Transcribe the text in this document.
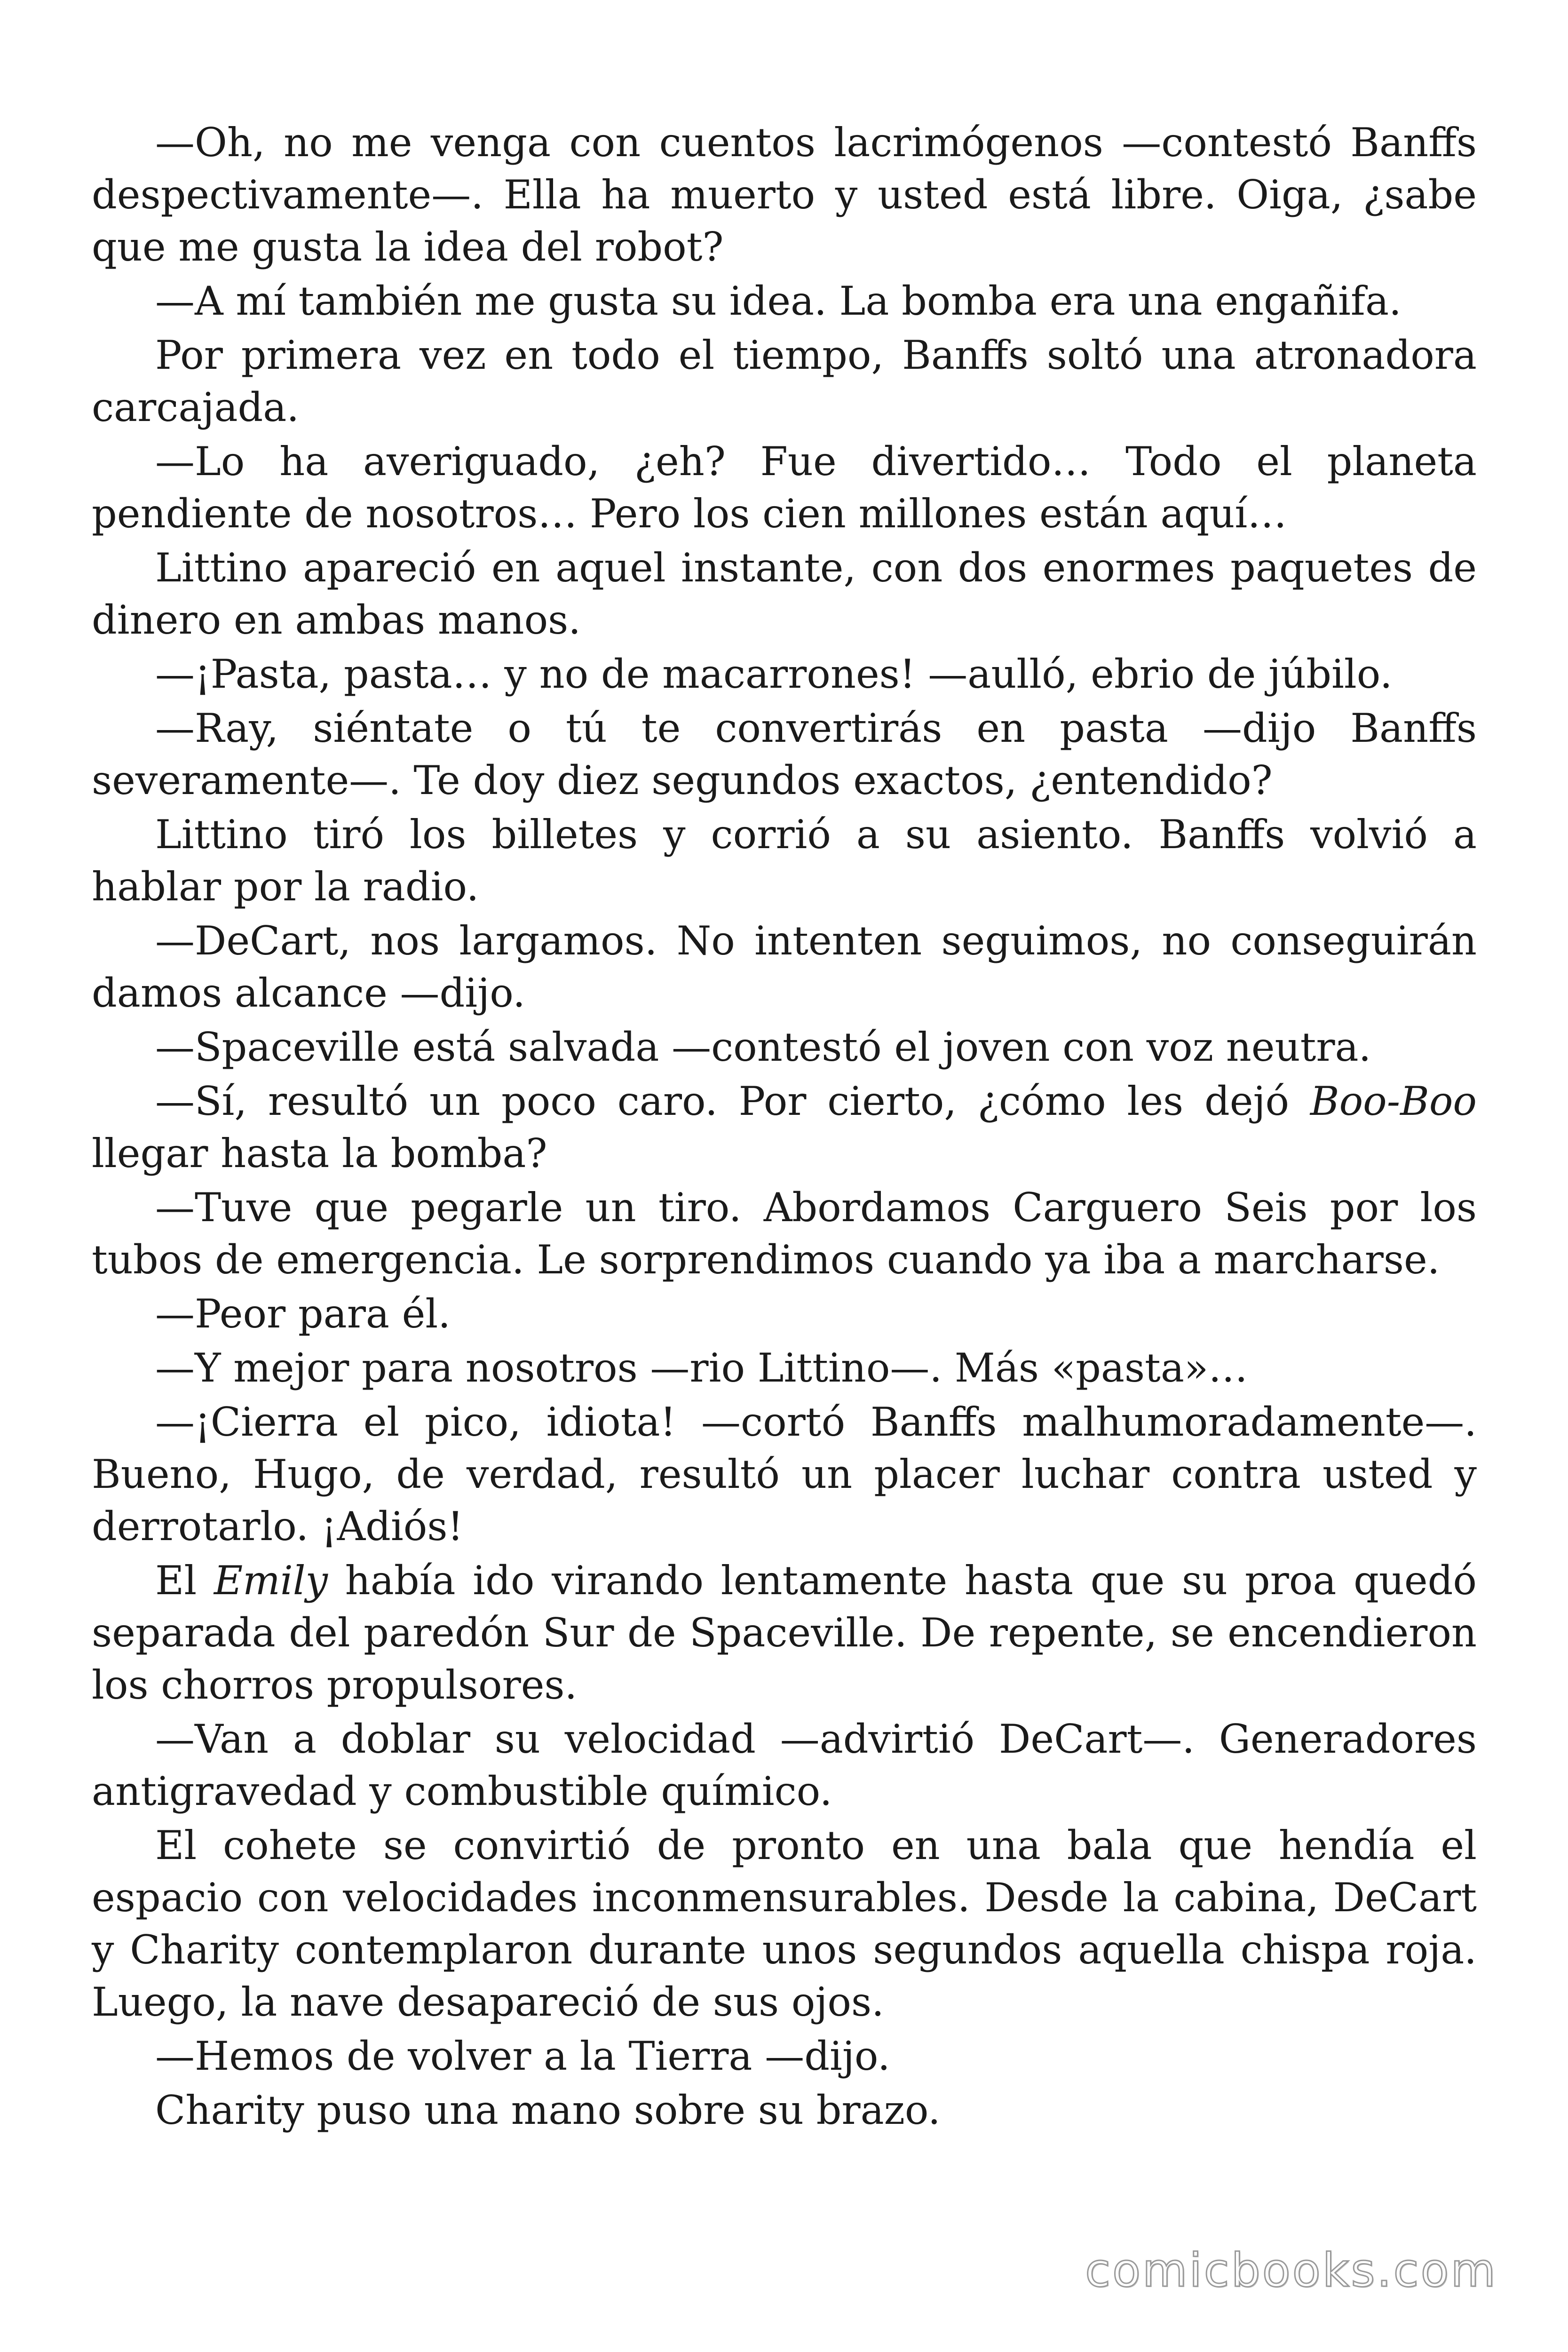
—Oh, no me venga con cuentos lacrimógenos —contestó Banffs despectivamente—. Ella ha muerto y usted está libre. Oiga, ¿sabe que me gusta la idea del robot?

—A mí también me gusta su idea. La bomba era una engañifa.

Por primera vez en todo el tiempo, Banffs soltó una atronadora carcajada.

—Lo ha averiguado, ¿eh? Fue divertido… Todo el planeta pendiente de nosotros… Pero los cien millones están aquí…

Littino apareció en aquel instante, con dos enormes paquetes de dinero en ambas manos.

—¡Pasta, pasta… y no de macarrones! —aulló, ebrio de júbilo.

—Ray, siéntate o tú te convertirás en pasta —dijo Banffs severamente—. Te doy diez segundos exactos, ¿entendido?

Littino tiró los billetes y corrió a su asiento. Banffs volvió a hablar por la radio.

—DeCart, nos largamos. No intenten seguimos, no conseguirán damos alcance —dijo.

—Spaceville está salvada —contestó el joven con voz neutra.

—Sí, resultó un poco caro. Por cierto, ¿cómo les dejó Boo-Boo llegar hasta la bomba?

—Tuve que pegarle un tiro. Abordamos Carguero Seis por los tubos de emergencia. Le sorprendimos cuando ya iba a marcharse.

—Peor para él.

—Y mejor para nosotros —rio Littino—. Más «pasta»…

—¡Cierra el pico, idiota! —cortó Banffs malhumoradamente—. Bueno, Hugo, de verdad, resultó un placer luchar contra usted y derrotarlo. ¡Adiós!

El Emily había ido virando lentamente hasta que su proa quedó separada del paredón Sur de Spaceville. De repente, se encendieron los chorros propulsores.

—Van a doblar su velocidad —advirtió DeCart—. Generadores antigravedad y combustible químico.

El cohete se convirtió de pronto en una bala que hendía el espacio con velocidades inconmensurables. Desde la cabina, DeCart y Charity contemplaron durante unos segundos aquella chispa roja. Luego, la nave desapareció de sus ojos.

—Hemos de volver a la Tierra —dijo.

Charity puso una mano sobre su brazo.

comicbooks.com
